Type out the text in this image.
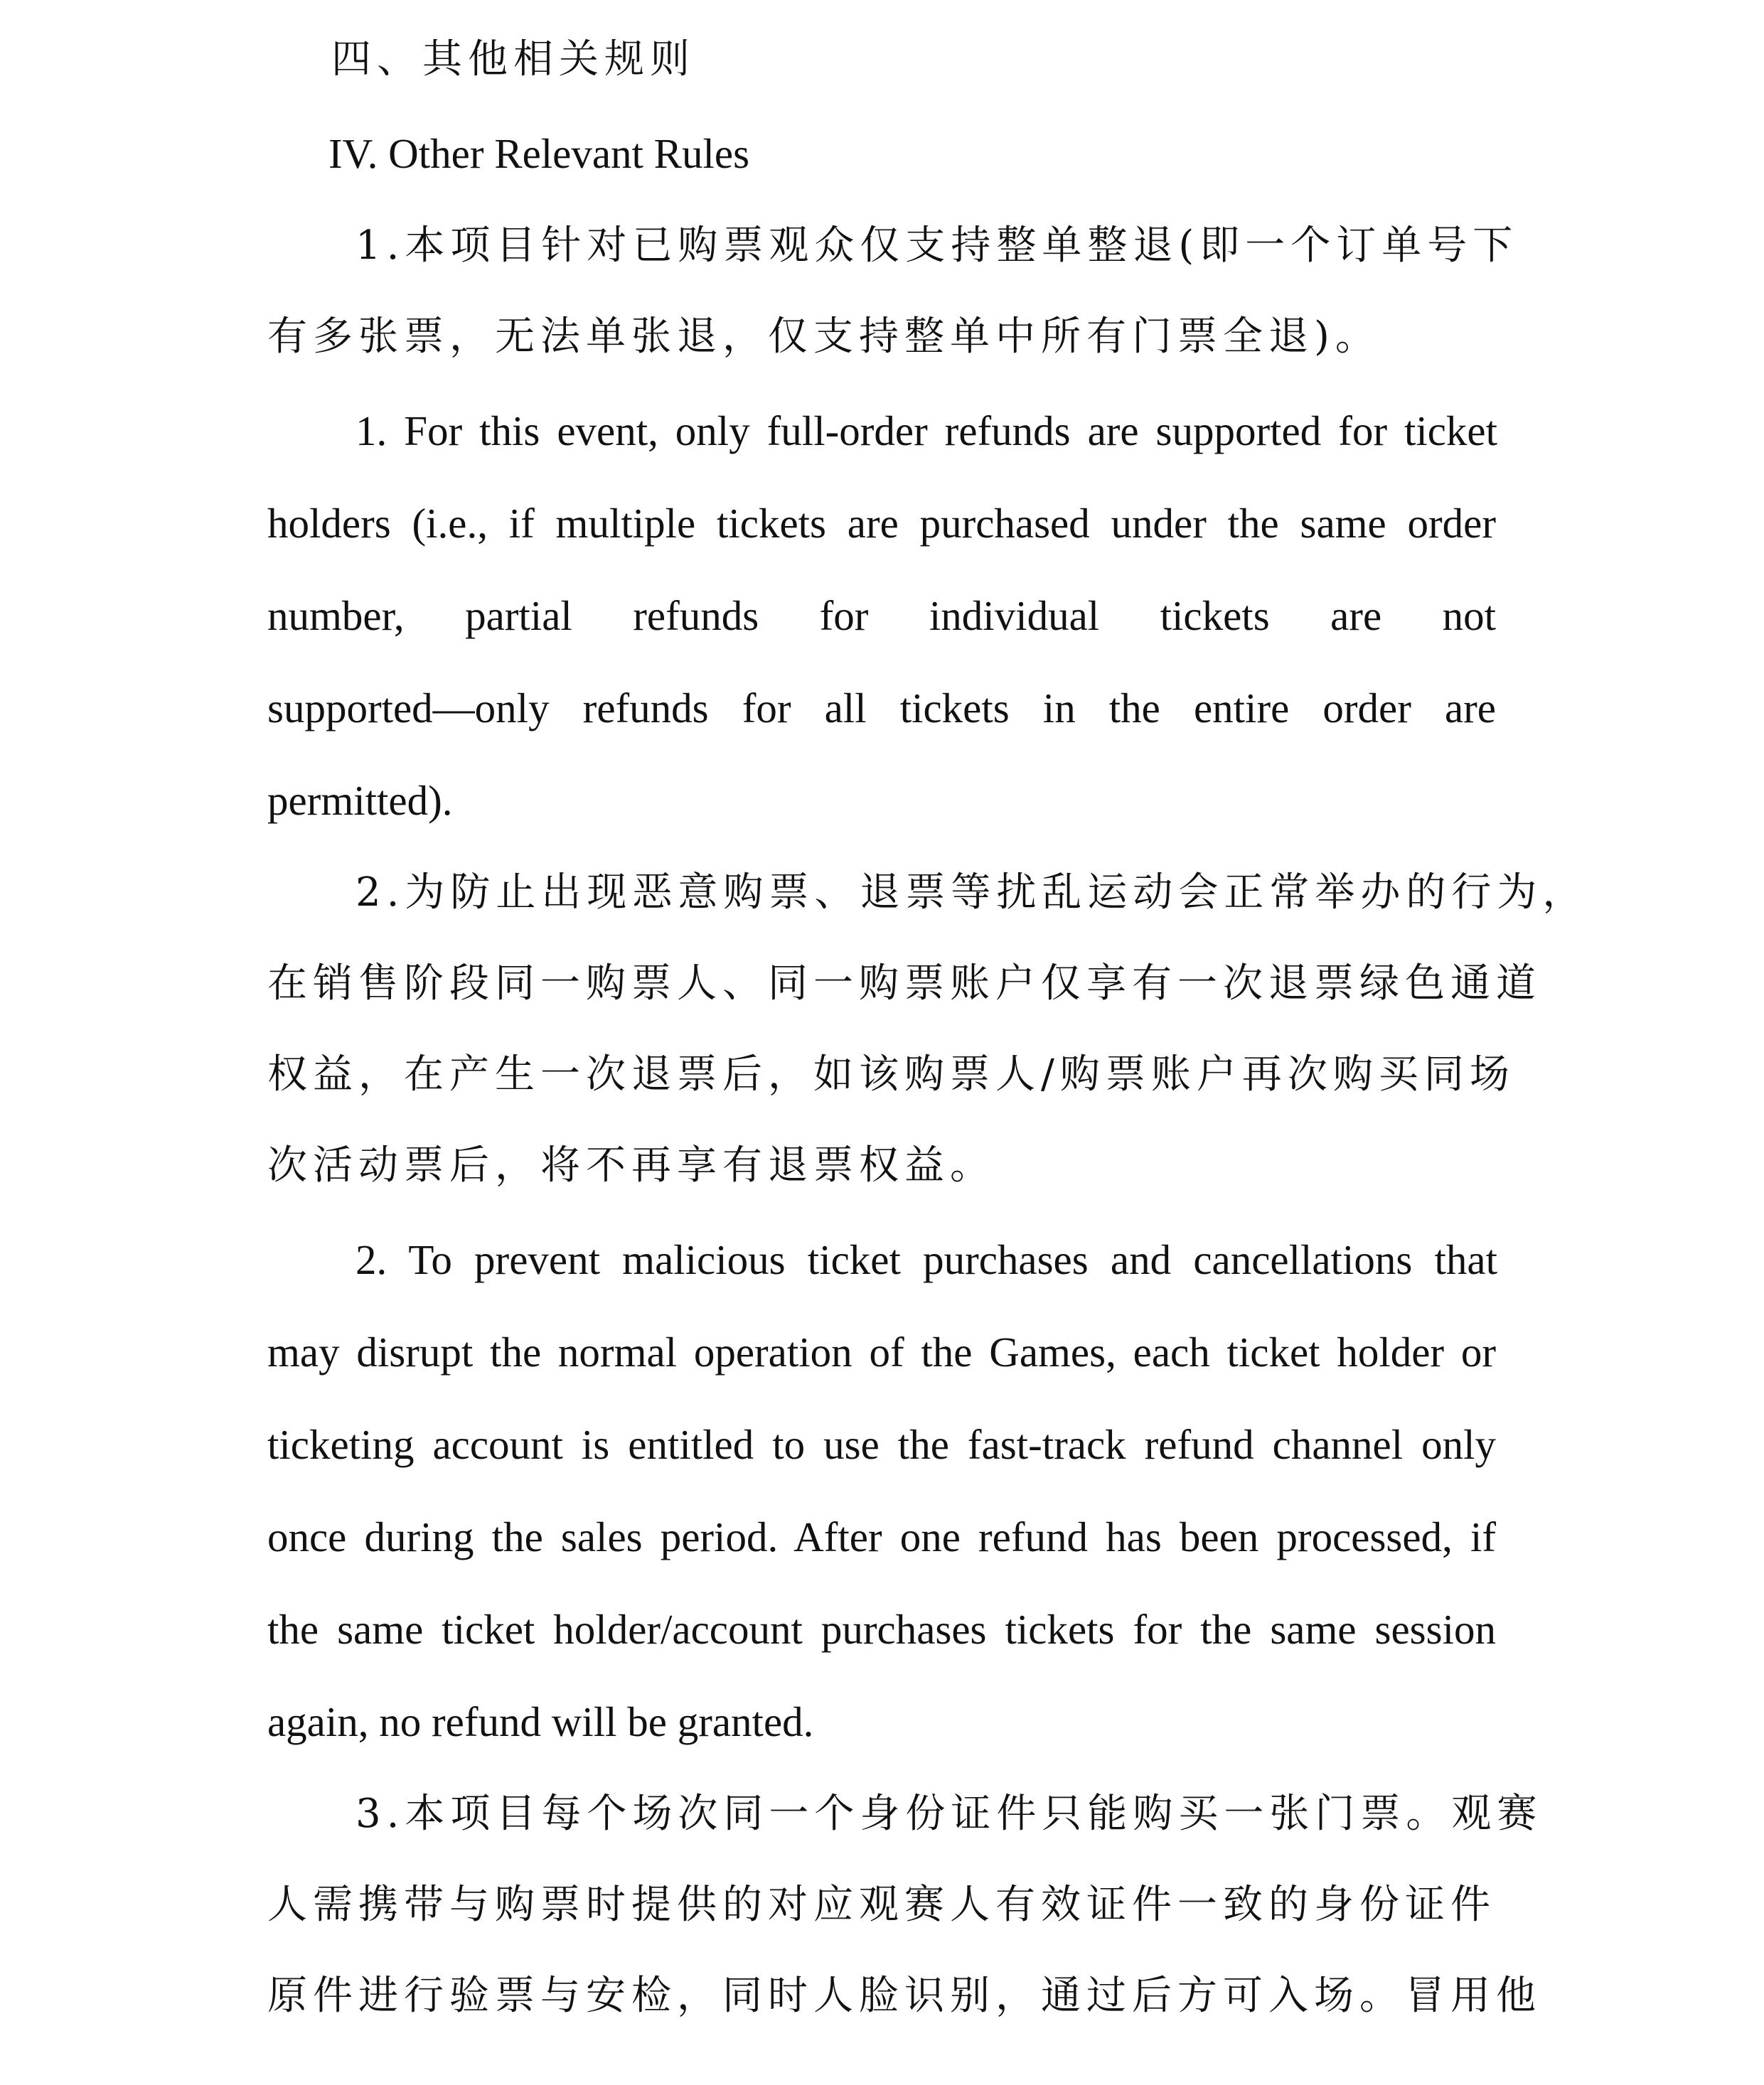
四、其他相关规则
IV. Other Relevant Rules
1.本项目针对已购票观众仅支持整单整退(即一个订单号下
有多张票，无法单张退，仅支持整单中所有门票全退)。
1. For this event, only full-order refunds are supported for ticket
holders (i.e., if multiple tickets are purchased under the same order
number, partial refunds for individual tickets are not
supported—only refunds for all tickets in the entire order are
permitted).
2.为防止出现恶意购票、退票等扰乱运动会正常举办的行为，
在销售阶段同一购票人、同一购票账户仅享有一次退票绿色通道
权益，在产生一次退票后，如该购票人/购票账户再次购买同场
次活动票后，将不再享有退票权益。
2. To prevent malicious ticket purchases and cancellations that
may disrupt the normal operation of the Games, each ticket holder or
ticketing account is entitled to use the fast-track refund channel only
once during the sales period. After one refund has been processed, if
the same ticket holder/account purchases tickets for the same session
again, no refund will be granted.
3.本项目每个场次同一个身份证件只能购买一张门票。观赛
人需携带与购票时提供的对应观赛人有效证件一致的身份证件
原件进行验票与安检，同时人脸识别，通过后方可入场。冒用他
